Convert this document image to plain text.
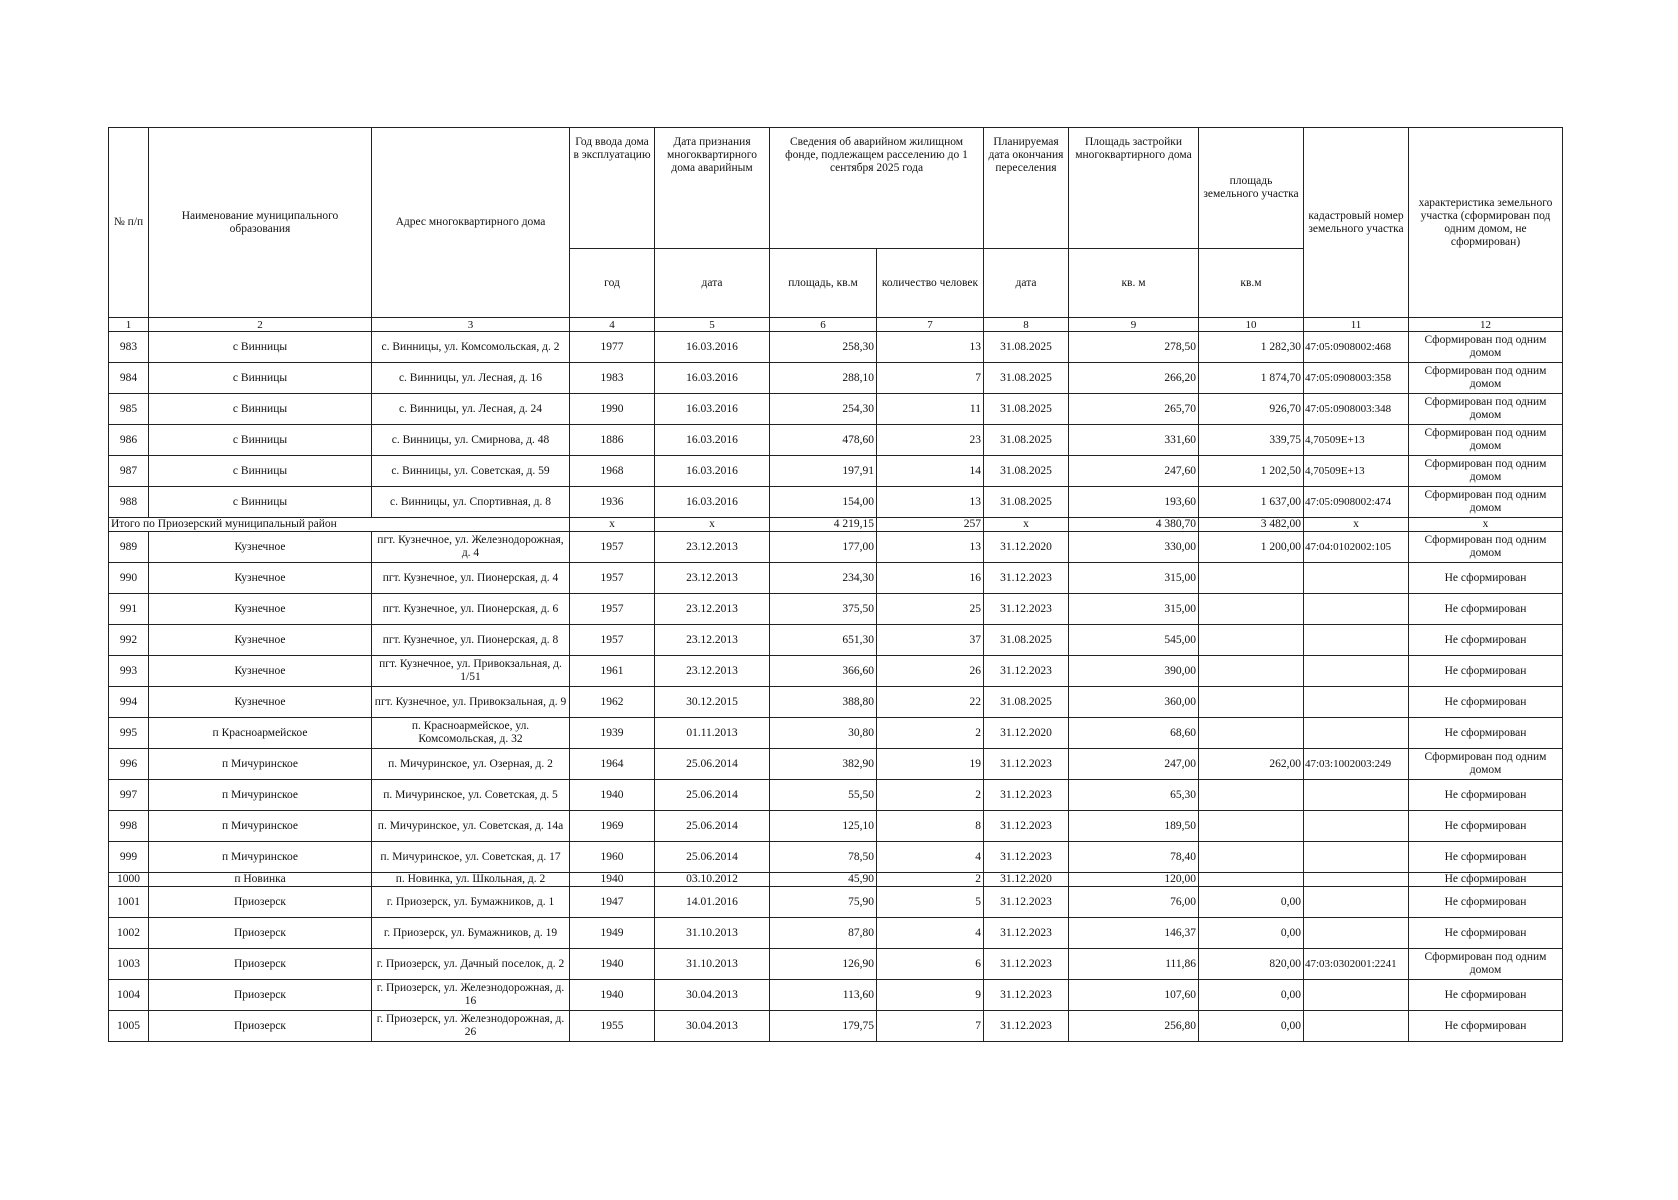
№ п/п	Наименование муниципального образования	Адрес многоквартирного дома	Год ввода дома в эксплуатацию	Дата признания многоквартирного дома аварийным	Сведения об аварийном жилищном фонде, подлежащем расселению до 1 сентября 2025 года		Планируемая дата окончания переселения	Площадь застройки многоквартирного дома	площадь земельного участка	кадастровый номер земельного участка	характеристика земельного участка (сформирован под одним домом, не сформирован)
			год	дата	площадь, кв.м	количество человек	дата	кв. м	кв.м		
1	2	3	4	5	6	7	8	9	10	11	12
983	с Винницы	с. Винницы, ул. Комсомольская, д. 2	1977	16.03.2016	258,30	13	31.08.2025	278,50	1 282,30	47:05:0908002:468	Сформирован под одним домом
984	с Винницы	с. Винницы, ул. Лесная, д. 16	1983	16.03.2016	288,10	7	31.08.2025	266,20	1 874,70	47:05:0908003:358	Сформирован под одним домом
985	с Винницы	с. Винницы, ул. Лесная, д. 24	1990	16.03.2016	254,30	11	31.08.2025	265,70	926,70	47:05:0908003:348	Сформирован под одним домом
986	с Винницы	с. Винницы, ул. Смирнова, д. 48	1886	16.03.2016	478,60	23	31.08.2025	331,60	339,75	4,70509E+13	Сформирован под одним домом
987	с Винницы	с. Винницы, ул. Советская, д. 59	1968	16.03.2016	197,91	14	31.08.2025	247,60	1 202,50	4,70509E+13	Сформирован под одним домом
988	с Винницы	с. Винницы, ул. Спортивная, д. 8	1936	16.03.2016	154,00	13	31.08.2025	193,60	1 637,00	47:05:0908002:474	Сформирован под одним домом
Итого по Приозерский муниципальный район			х	х	4 219,15	257	х	4 380,70	3 482,00	х	х
989	Кузнечное	пгт. Кузнечное, ул. Железнодорожная, д. 4	1957	23.12.2013	177,00	13	31.12.2020	330,00	1 200,00	47:04:0102002:105	Сформирован под одним домом
990	Кузнечное	пгт. Кузнечное, ул. Пионерская, д. 4	1957	23.12.2013	234,30	16	31.12.2023	315,00			Не сформирован
991	Кузнечное	пгт. Кузнечное, ул. Пионерская, д. 6	1957	23.12.2013	375,50	25	31.12.2023	315,00			Не сформирован
992	Кузнечное	пгт. Кузнечное, ул. Пионерская, д. 8	1957	23.12.2013	651,30	37	31.08.2025	545,00			Не сформирован
993	Кузнечное	пгт. Кузнечное, ул. Привокзальная, д. 1/51	1961	23.12.2013	366,60	26	31.12.2023	390,00			Не сформирован
994	Кузнечное	пгт. Кузнечное, ул. Привокзальная, д. 9	1962	30.12.2015	388,80	22	31.08.2025	360,00			Не сформирован
995	п Красноармейское	п. Красноармейское, ул. Комсомольская, д. 32	1939	01.11.2013	30,80	2	31.12.2020	68,60			Не сформирован
996	п Мичуринское	п. Мичуринское, ул. Озерная, д. 2	1964	25.06.2014	382,90	19	31.12.2023	247,00	262,00	47:03:1002003:249	Сформирован под одним домом
997	п Мичуринское	п. Мичуринское, ул. Советская, д. 5	1940	25.06.2014	55,50	2	31.12.2023	65,30			Не сформирован
998	п Мичуринское	п. Мичуринское, ул. Советская, д. 14а	1969	25.06.2014	125,10	8	31.12.2023	189,50			Не сформирован
999	п Мичуринское	п. Мичуринское, ул. Советская, д. 17	1960	25.06.2014	78,50	4	31.12.2023	78,40			Не сформирован
1000	п Новинка	п. Новинка, ул. Школьная, д. 2	1940	03.10.2012	45,90	2	31.12.2020	120,00			Не сформирован
1001	Приозерск	г. Приозерск, ул. Бумажников, д. 1	1947	14.01.2016	75,90	5	31.12.2023	76,00	0,00		Не сформирован
1002	Приозерск	г. Приозерск, ул. Бумажников, д. 19	1949	31.10.2013	87,80	4	31.12.2023	146,37	0,00		Не сформирован
1003	Приозерск	г. Приозерск, ул. Дачный поселок, д. 2	1940	31.10.2013	126,90	6	31.12.2023	111,86	820,00	47:03:0302001:2241	Сформирован под одним домом
1004	Приозерск	г. Приозерск, ул. Железнодорожная, д. 16	1940	30.04.2013	113,60	9	31.12.2023	107,60	0,00		Не сформирован
1005	Приозерск	г. Приозерск, ул. Железнодорожная, д. 26	1955	30.04.2013	179,75	7	31.12.2023	256,80	0,00		Не сформирован
